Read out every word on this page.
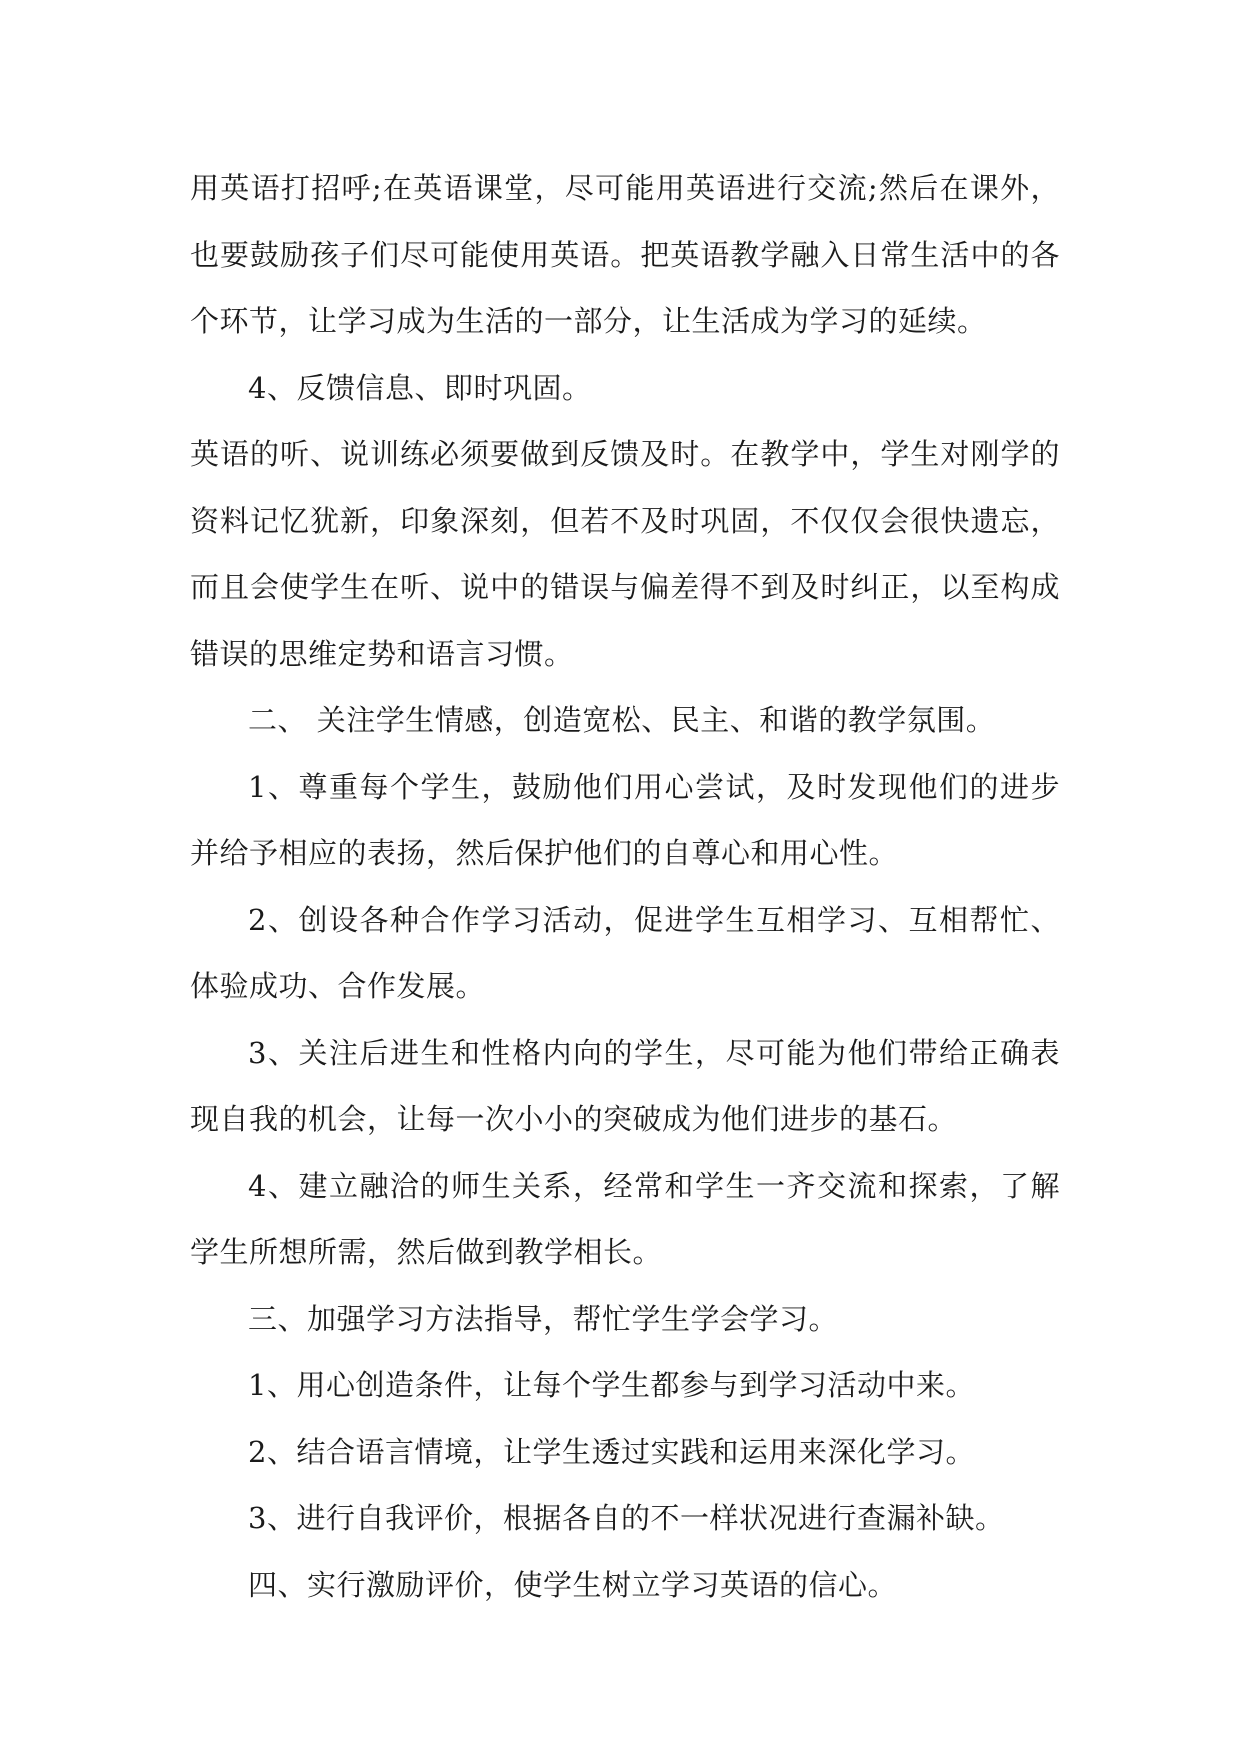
用英语打招呼;在英语课堂，尽可能用英语进行交流;然后在课外，也要鼓励孩子们尽可能使用英语。把英语教学融入日常生活中的各个环节，让学习成为生活的一部分，让生活成为学习的延续。

4、反馈信息、即时巩固。

英语的听、说训练必须要做到反馈及时。在教学中，学生对刚学的资料记忆犹新，印象深刻，但若不及时巩固，不仅仅会很快遗忘，而且会使学生在听、说中的错误与偏差得不到及时纠正，以至构成错误的思维定势和语言习惯。

二、 关注学生情感，创造宽松、民主、和谐的教学氛围。

1、尊重每个学生，鼓励他们用心尝试，及时发现他们的进步并给予相应的表扬，然后保护他们的自尊心和用心性。

2、创设各种合作学习活动，促进学生互相学习、互相帮忙、体验成功、合作发展。

3、关注后进生和性格内向的学生，尽可能为他们带给正确表现自我的机会，让每一次小小的突破成为他们进步的基石。

4、建立融洽的师生关系，经常和学生一齐交流和探索，了解学生所想所需，然后做到教学相长。

三、加强学习方法指导，帮忙学生学会学习。

1、用心创造条件，让每个学生都参与到学习活动中来。

2、结合语言情境，让学生透过实践和运用来深化学习。

3、进行自我评价，根据各自的不一样状况进行查漏补缺。

四、实行激励评价，使学生树立学习英语的信心。
